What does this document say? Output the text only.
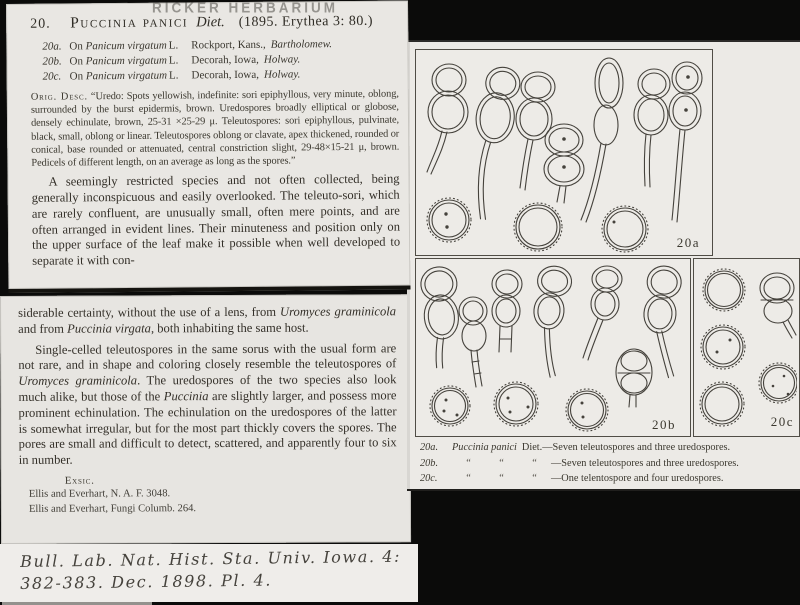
RICKER HERBARIUM
20. Puccinia panici Diet. (1895. Erythea 3: 80.)
20a. On Panicum virgatum L. Rockport, Kans., Bartholomew.
20b. On Panicum virgatum L. Decorah, Iowa, Holway.
20c. On Panicum virgatum L. Decorah, Iowa, Holway.

Orig. Desc. “Uredo: Spots yellowish, indefinite: sori epiphyllous, very minute, oblong, surrounded by the burst epidermis, brown. Uredospores broadly elliptical or globose, densely echinulate, brown, 25-31 ×25-29 μ. Teleutospores: sori epiphyllous, pulvinate, black, small, oblong or linear. Teleutospores oblong or clavate, apex thickened, rounded or conical, base rounded or attenuated, central constriction slight, 29-48×15-21 μ, brown. Pedicels of different length, on an average as long as the spores.”

A seemingly restricted species and not often collected, being generally inconspicuous and easily overlooked. The teleuto-sori, which are rarely confluent, are unusually small, often mere points, and are often arranged in evident lines. Their minuteness and position only on the upper surface of the leaf make it possible when well developed to separate it with con-

siderable certainty, without the use of a lens, from Uromyces graminicola and from Puccinia virgata, both inhabiting the same host.

Single-celled teleutospores in the same sorus with the usual form are not rare, and in shape and coloring closely resemble the teleutospores of Uromyces graminicola. The uredospores of the two species also look much alike, but those of the Puccinia are slightly larger, and possess more prominent echinulation. The echinulation on the uredospores of the latter is somewhat irregular, but for the most part thickly covers the spores. The pores are small and difficult to detect, scattered, and apparently four to six in number.

Exsic.

Ellis and Everhart, N. A. F. 3048.

Ellis and Everhart, Fungi Columb. 264.

Bull. Lab. Nat. Hist. Sta. Univ. Iowa. 4:
382-383. Dec. 1898. Pl. 4.
20a
20b	20c
20a. Puccinia panici Diet.—Seven teleutospores and three uredospores.
20b.	“	“	“ —Seven teleutospores and three uredospores.
20c.	“	“	“ —One telentospore and four uredospores.
